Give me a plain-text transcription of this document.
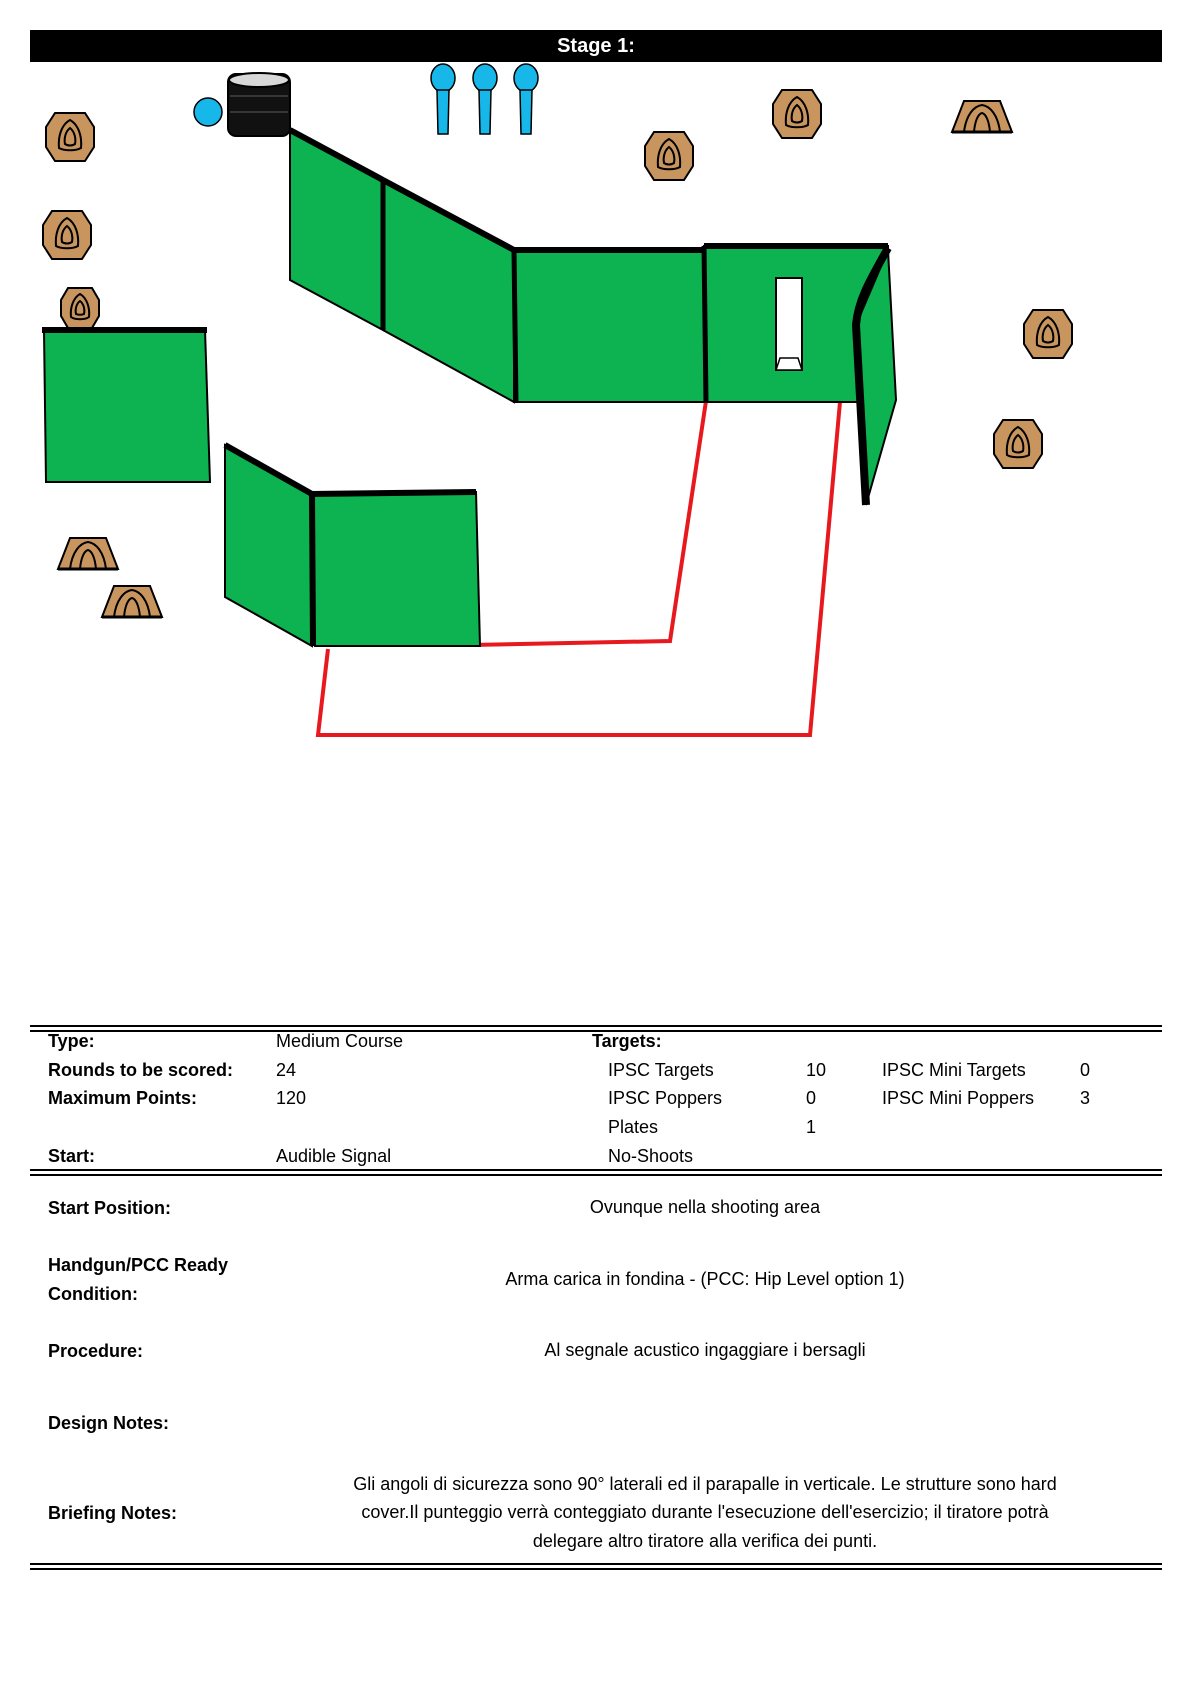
Stage 1:
Type:	Medium Course
Rounds to be scored: 24
Maximum Points:	120
Start:	Audible Signal
Targets:
IPSC Targets	10
IPSC Poppers	0
Plates	1
No-Shoots
IPSC Mini Targets	0
IPSC Mini Poppers	3
Start Position:	Ovunque nella shooting area
Handgun/PCC Ready
Condition:
Arma carica in fondina - (PCC: Hip Level option 1)
Procedure:	Al segnale acustico ingaggiare i bersagli
Design Notes:
Briefing Notes:
Gli angoli di sicurezza sono 90° laterali ed il parapalle in verticale. Le strutture sono hard
cover.Il punteggio verrà conteggiato durante l'esecuzione dell'esercizio; il tiratore potrà
delegare altro tiratore alla verifica dei punti.
